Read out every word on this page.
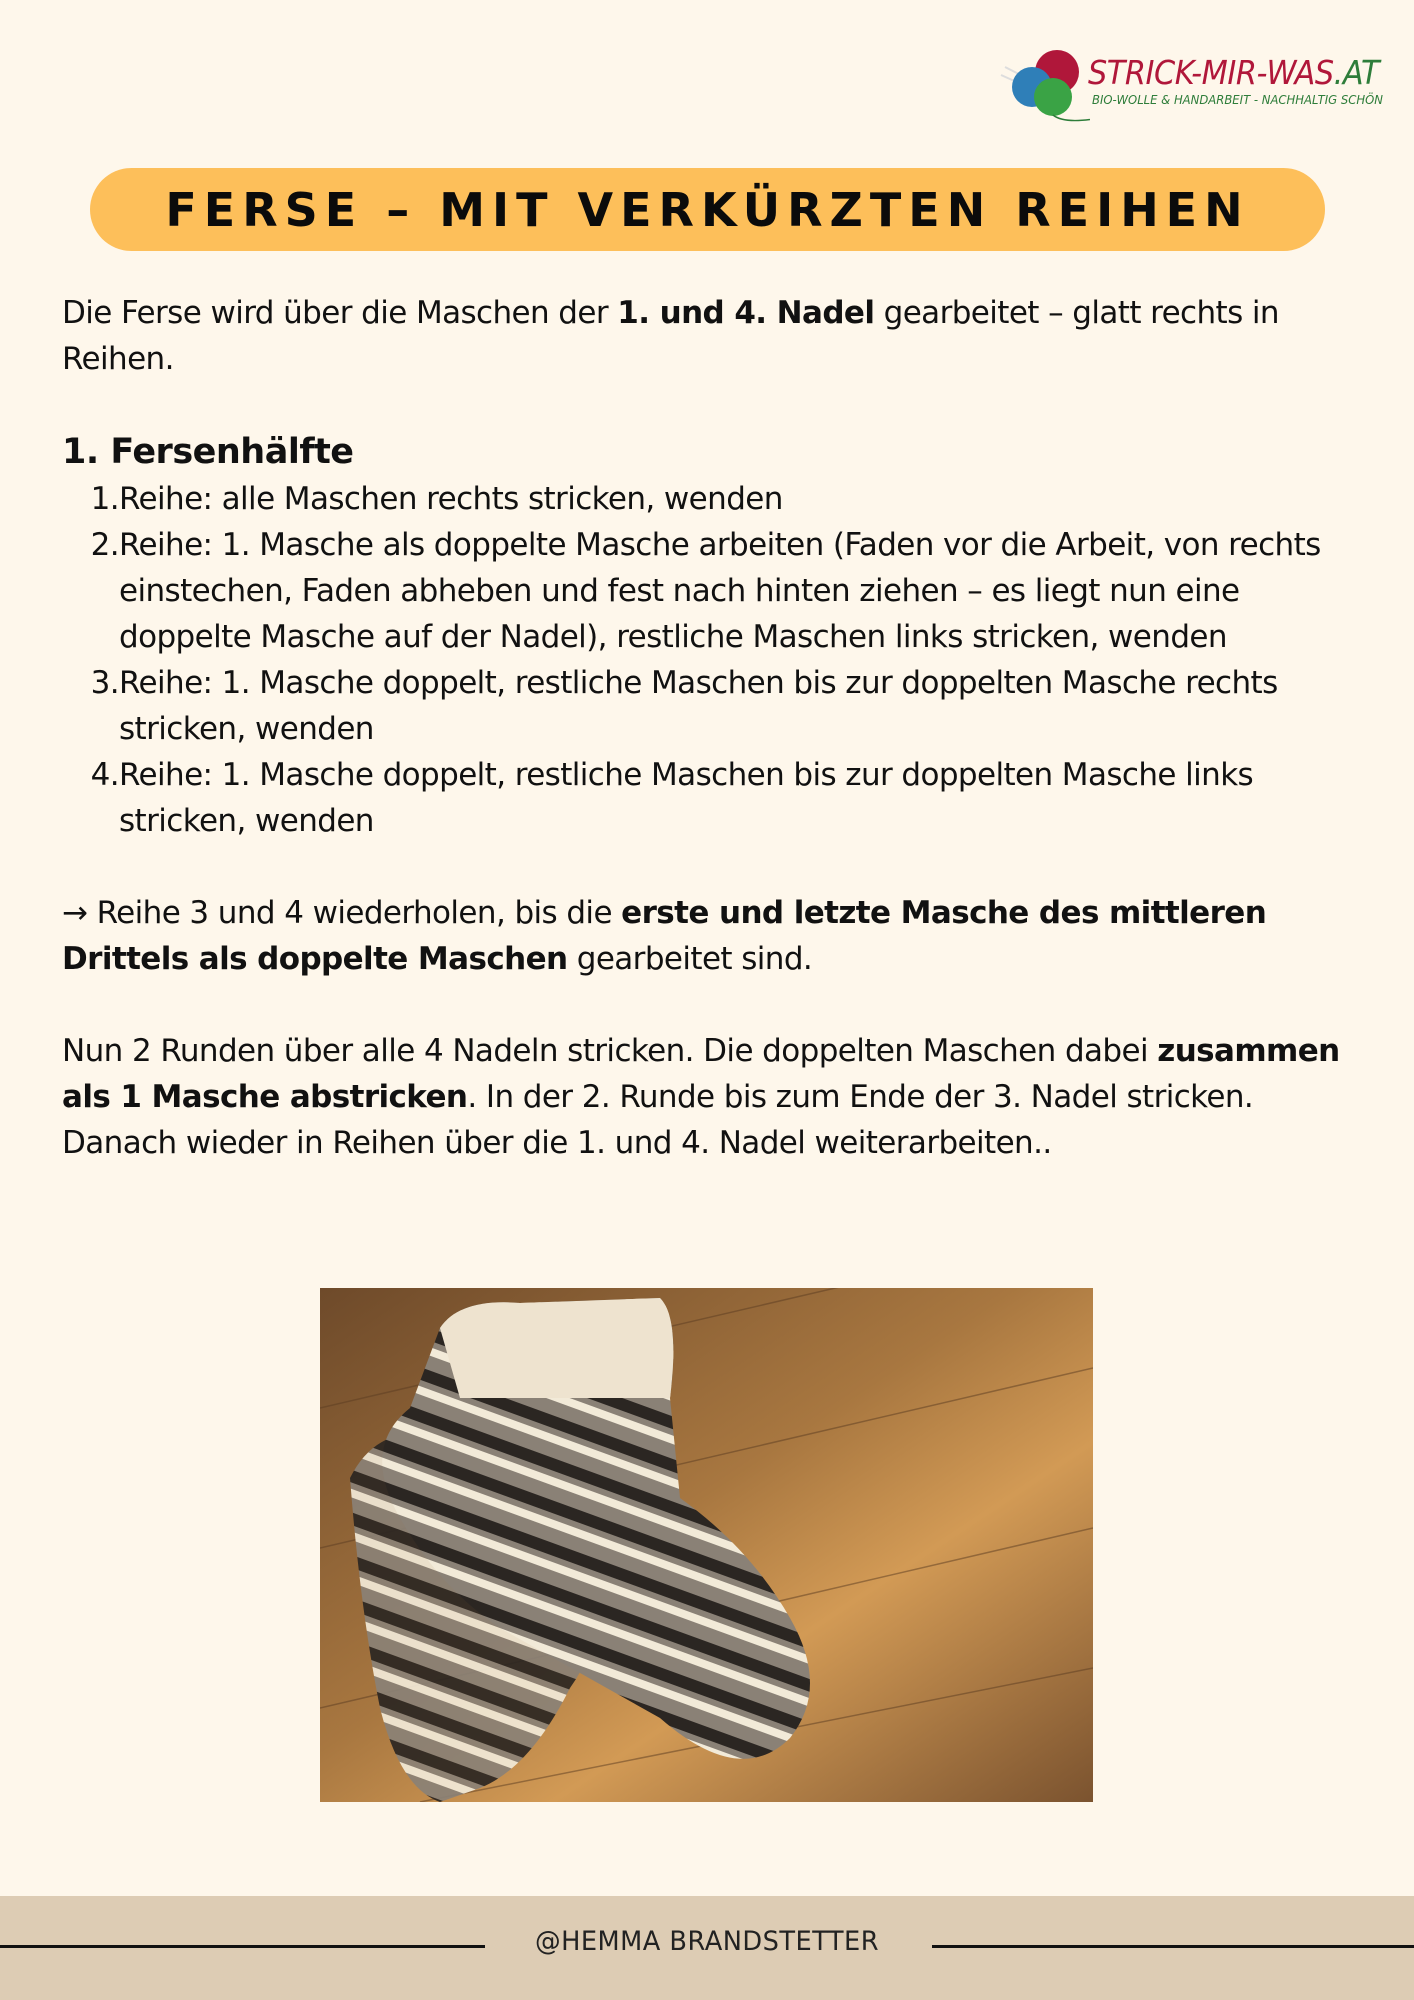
STRICK-MIR-WAS.AT
BIO-WOLLE & HANDARBEIT - NACHHALTIG SCHÖN
FERSE – MIT VERKÜRZTEN REIHEN

Die Ferse wird über die Maschen der 1. und 4. Nadel gearbeitet – glatt rechts in Reihen.

1. Fersenhälfte
1. Reihe: alle Maschen rechts stricken, wenden
2. Reihe: 1. Masche als doppelte Masche arbeiten (Faden vor die Arbeit, von rechts einstechen, Faden abheben und fest nach hinten ziehen – es liegt nun eine doppelte Masche auf der Nadel), restliche Maschen links stricken, wenden
3. Reihe: 1. Masche doppelt, restliche Maschen bis zur doppelten Masche rechts stricken, wenden
4. Reihe: 1. Masche doppelt, restliche Maschen bis zur doppelten Masche links stricken, wenden

→ Reihe 3 und 4 wiederholen, bis die erste und letzte Masche des mittleren Drittels als doppelte Maschen gearbeitet sind.

Nun 2 Runden über alle 4 Nadeln stricken. Die doppelten Maschen dabei zusammen als 1 Masche abstricken. In der 2. Runde bis zum Ende der 3. Nadel stricken. Danach wieder in Reihen über die 1. und 4. Nadel weiterarbeiten..

@HEMMA BRANDSTETTER
